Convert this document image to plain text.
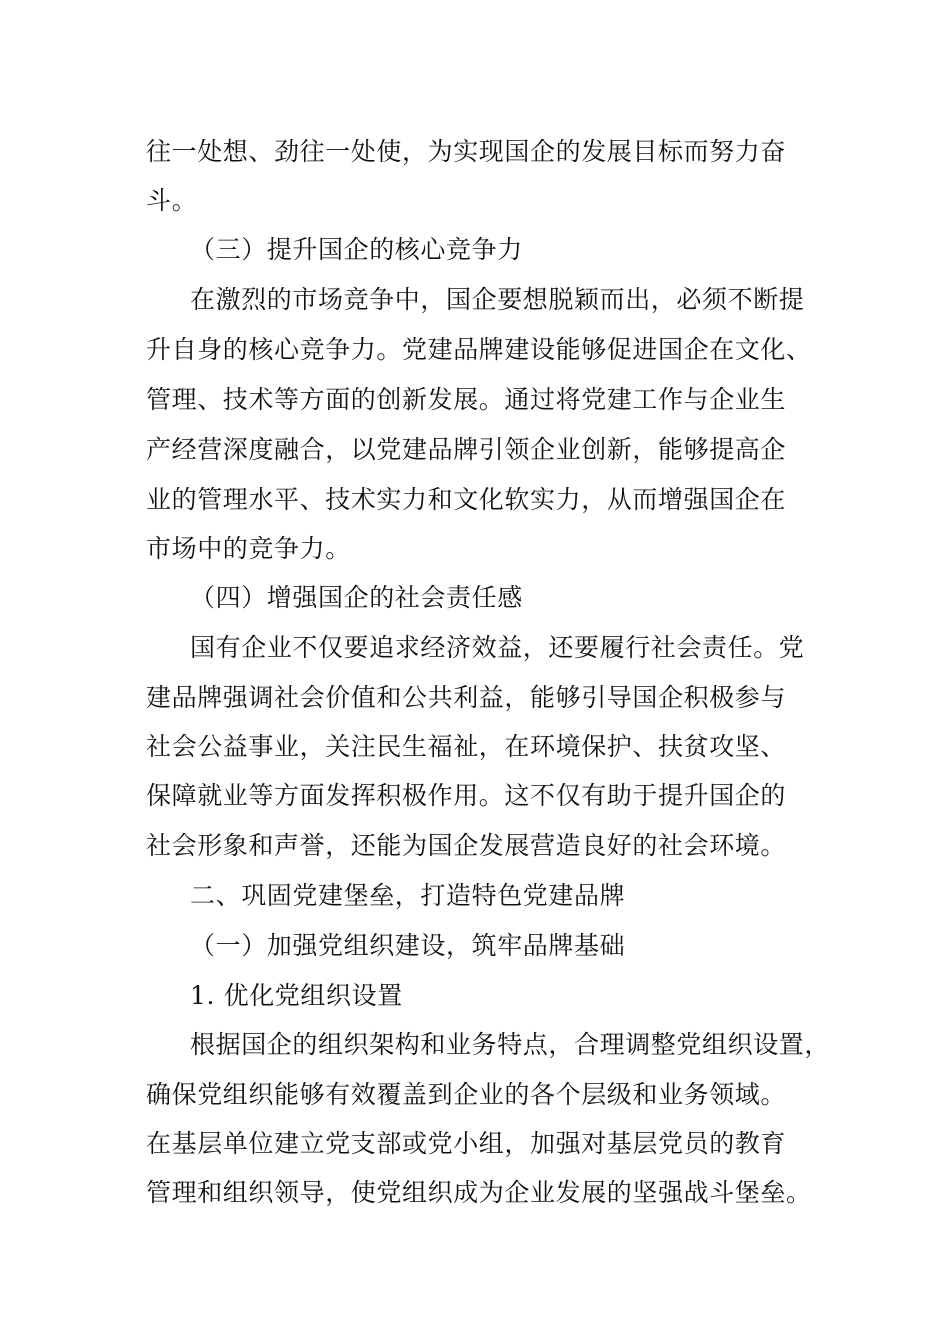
往一处想、劲往一处使，为实现国企的发展目标而努力奋
斗。
（三）提升国企的核心竞争力
在激烈的市场竞争中，国企要想脱颖而出，必须不断提
升自身的核心竞争力。党建品牌建设能够促进国企在文化、
管理、技术等方面的创新发展。通过将党建工作与企业生
产经营深度融合，以党建品牌引领企业创新，能够提高企
业的管理水平、技术实力和文化软实力，从而增强国企在
市场中的竞争力。
（四）增强国企的社会责任感
国有企业不仅要追求经济效益，还要履行社会责任。党
建品牌强调社会价值和公共利益，能够引导国企积极参与
社会公益事业，关注民生福祉，在环境保护、扶贫攻坚、
保障就业等方面发挥积极作用。这不仅有助于提升国企的
社会形象和声誉，还能为国企发展营造良好的社会环境。
二、巩固党建堡垒，打造特色党建品牌
（一）加强党组织建设，筑牢品牌基础
1. 优化党组织设置
根据国企的组织架构和业务特点，合理调整党组织设置，
确保党组织能够有效覆盖到企业的各个层级和业务领域。
在基层单位建立党支部或党小组，加强对基层党员的教育
管理和组织领导，使党组织成为企业发展的坚强战斗堡垒。
